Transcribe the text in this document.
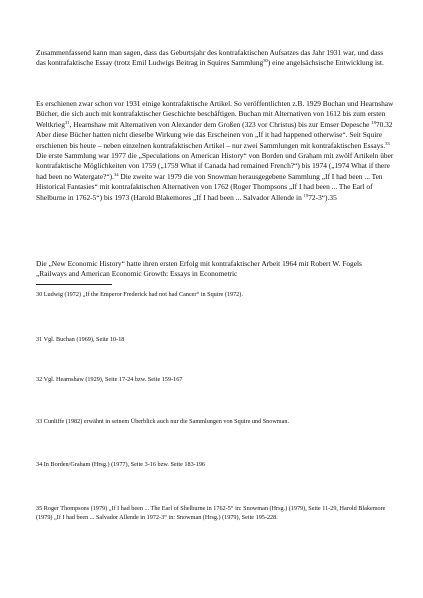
Zusammenfassend kann man sagen, dass das Geburtsjahr des kontrafaktischen Aufsatzes das Jahr 1931 war, und dass das kontrafaktische Essay (trotz Emil Ludwigs Beitrag in Squires Sammlung$^{30}$) eine angelsächsische Entwicklung ist.

Es erschienen zwar schon vor 1931 einige kontrafaktische Artikel. So veröffentlichten z.B. 1929 Buchan und Hearnshaw Bücher, die sich auch mit kontrafaktischer Geschichte beschäftigen. Buchan mit Alternativen von 1612 bis zum ersten Weltkrieg$^{31}$, Hearnshaw mit Alternativen von Alexander dem Großen (323 vor Christus) bis zur Emser Depesche $^{18}$70.32 Aber diese Bücher hatten nicht dieselbe Wirkung wie das Erscheinen von „If it had happened otherwise“. Seit Squire erschienen bis heute – neben einzelnen kontrafaktischen Artikel – nur zwei Sammlungen mit kontrafaktischen Essays.$^{33}$ Die erste Sammlung war 1977 die „Speculations on American History“ von Borden und Graham mit zwölf Artikeln über kontrafaktische Möglichkeiten von 1759 („1759 What if Canada had remained French?“) bis 1974 („1974 What if there had been no Watergate?“).$^{34}$ Die zweite war 1979 die von Snowman herausgegebene Sammlung „If I had been ... Ten Historical Fantasies“ mit kontrafaktischen Alternativen von 1762 (Roger Thompsons „If I had been ... The Earl of Shelburne in 1762-5“) bis 1973 (Harold Blakemores „If I had been ... Salvador Allende in $^{19}$72-3“).35

Die „New Economic History“ hatte ihren ersten Erfolg mit kontrafaktischer Arbeit 1964 mit Robert W. Fogels „Railways and American Economic Growth: Essays in Econometric

30 Ludwig (1972) „If the Emperor Frederick had not had Cancer“ in Squire (1972).

31 Vgl. Buchan (1969), Seite 10-18

32 Vgl. Hearnshaw (1929), Seite 17-24 bzw. Seite 159-167

33 Cunliffe (1982) erwähnt in seinem Überblick auch nur die Sammlungen von Squire und Snowman.

34 In Borden/Graham (Hrsg.) (1977), Seite 3-16 bzw. Seite 183-196

35 Roger Thompsons (1979) „If I had been ... The Earl of Shelburne in 1762-5“ in: Snowman (Hrsg.) (1979), Seite 11-29, Harold Blakemore (1979) „If I had been ... Salvador Allende in 1972-3“ in: Snowman (Hrsg.) (1979), Seite 195-228.
